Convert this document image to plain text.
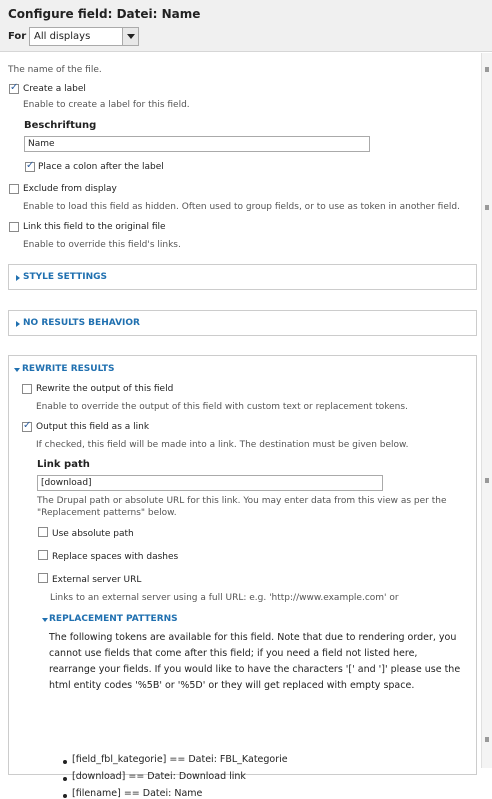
Configure field: Datei: Name
For All displays
The name of the file.
✓
Create a label
Enable to create a label for this field.
Beschriftung
Name
✓
Place a colon after the label
Exclude from display
Enable to load this field as hidden. Often used to group fields, or to use as token in another field.
Link this field to the original file
Enable to override this field's links.
STYLE SETTINGS
NO RESULTS BEHAVIOR
REWRITE RESULTS
Rewrite the output of this field
Enable to override the output of this field with custom text or replacement tokens.
✓
Output this field as a link
If checked, this field will be made into a link. The destination must be given below.
Link path
[download]
The Drupal path or absolute URL for this link. You may enter data from this view as per the
"Replacement patterns" below.
Use absolute path
Replace spaces with dashes
External server URL
Links to an external server using a full URL: e.g. 'http://www.example.com' or
REPLACEMENT PATTERNS
The following tokens are available for this field. Note that due to rendering order, you
cannot use fields that come after this field; if you need a field not listed here,
rearrange your fields. If you would like to have the characters '[' and ']' please use the
html entity codes '%5B' or '%5D' or they will get replaced with empty space.
[field_fbl_kategorie] == Datei: FBL_Kategorie
[download] == Datei: Download link
[filename] == Datei: Name
